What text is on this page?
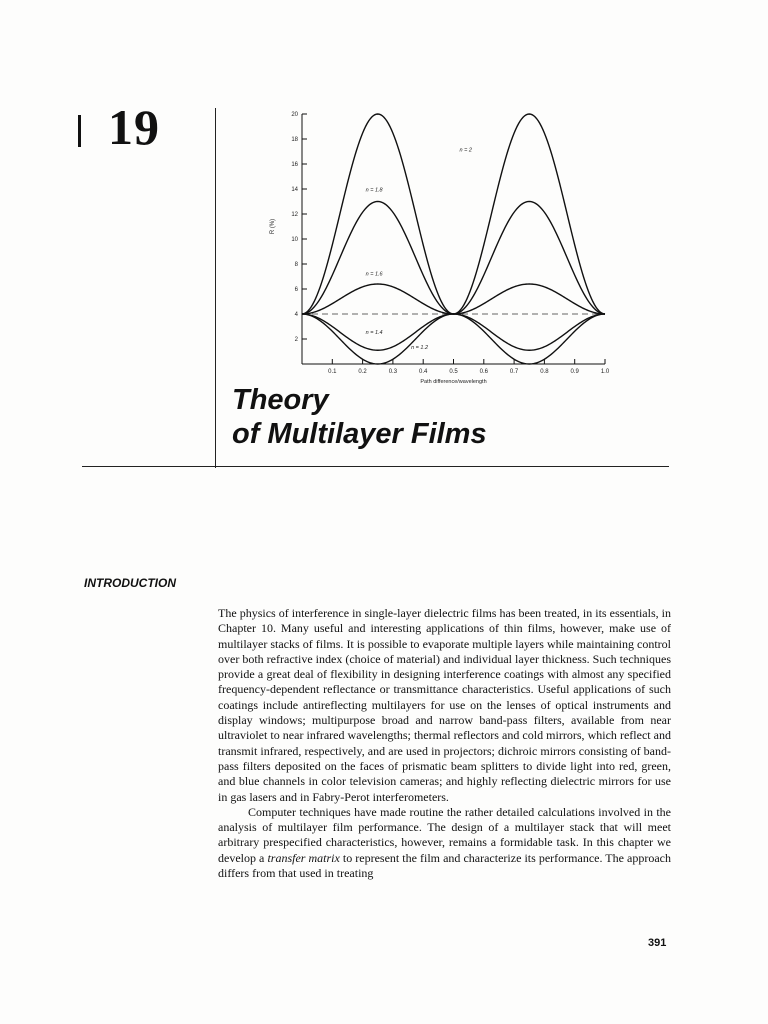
19
2
4
6
8
10
12
14
16
18
20
0.1	0.2	0.3	0.4	0.5	0.6	0.7	0.8	0.9	1.0
Path difference/wavelength
R (%)
n = 2
n = 1.8
n = 1.6
n = 1.4
n = 1.2
Theory
of Multilayer Films
INTRODUCTION

The physics of interference in single-layer dielectric films has been treated, in its essentials, in Chapter 10. Many useful and interesting applications of thin films, however, make use of multilayer stacks of films. It is possible to evaporate multiple layers while maintaining control over both refractive index (choice of material) and individual layer thickness. Such techniques provide a great deal of flexibility in designing interference coatings with almost any specified frequency-dependent reflectance or transmittance characteristics. Useful applications of such coatings include antireflecting multilayers for use on the lenses of optical instruments and display windows; multipurpose broad and narrow band-pass filters, available from near ultraviolet to near infrared wavelengths; thermal reflectors and cold mirrors, which reflect and transmit infrared, respectively, and are used in projectors; dichroic mirrors consisting of band-pass filters deposited on the faces of prismatic beam splitters to divide light into red, green, and blue channels in color television cameras; and highly reflecting dielectric mirrors for use in gas lasers and in Fabry-Perot interferometers.

Computer techniques have made routine the rather detailed calculations involved in the analysis of multilayer film performance. The design of a multilayer stack that will meet arbitrary prespecified characteristics, however, remains a formidable task. In this chapter we develop a transfer matrix to represent the film and characterize its performance. The approach differs from that used in treating

391
